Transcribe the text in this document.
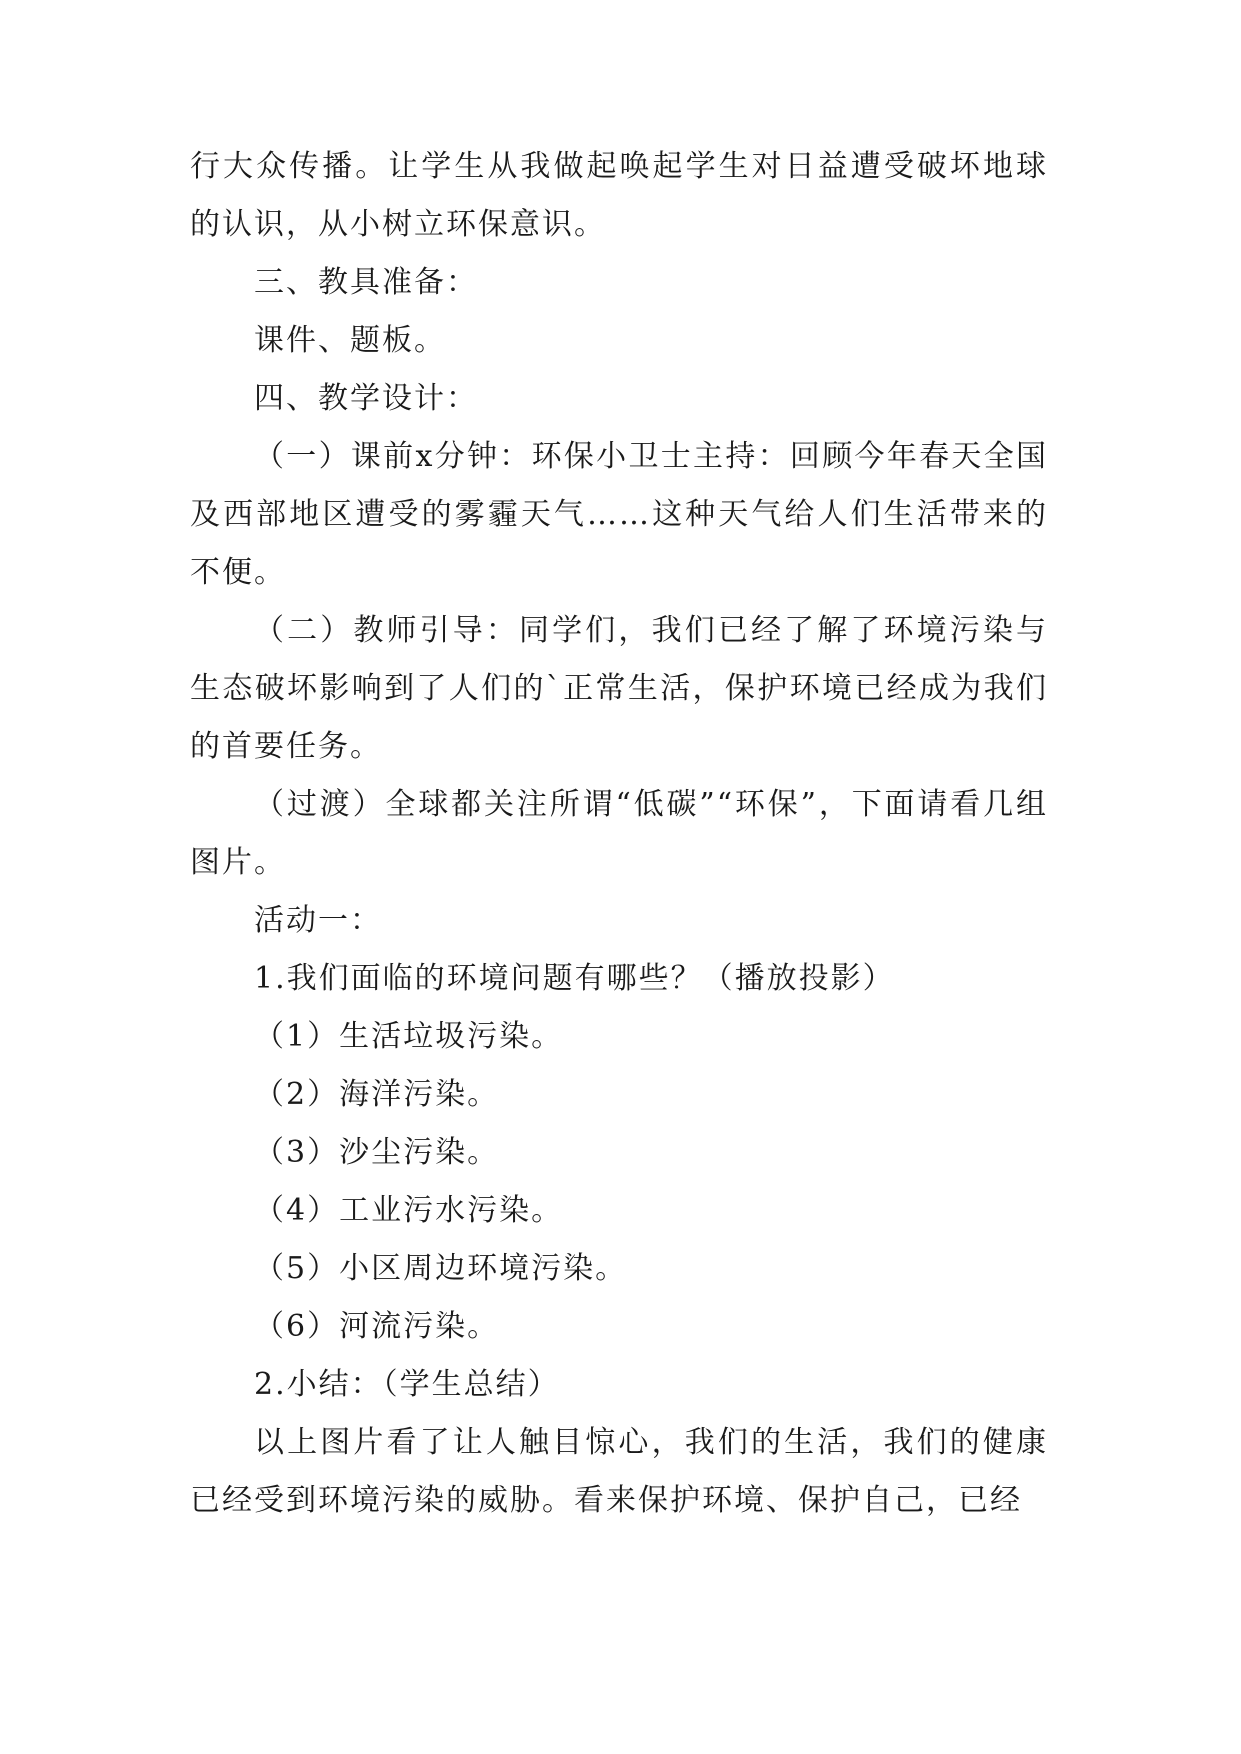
行大众传播。让学生从我做起唤起学生对日益遭受破坏地球的认识，从小树立环保意识。

三、教具准备：

课件、题板。

四、教学设计：

（一）课前x分钟：环保小卫士主持：回顾今年春天全国及西部地区遭受的雾霾天气……这种天气给人们生活带来的不便。

（二）教师引导：同学们，我们已经了解了环境污染与生态破坏影响到了人们的`正常生活，保护环境已经成为我们的首要任务。

（过渡）全球都关注所谓“低碳”“环保”，下面请看几组图片。

活动一：

1.我们面临的环境问题有哪些？（播放投影）

（1）生活垃圾污染。

（2）海洋污染。

（3）沙尘污染。

（4）工业污水污染。

（5）小区周边环境污染。

（6）河流污染。

2.小结：（学生总结）

以上图片看了让人触目惊心，我们的生活，我们的健康已经受到环境污染的威胁。看来保护环境、保护自己，已经
